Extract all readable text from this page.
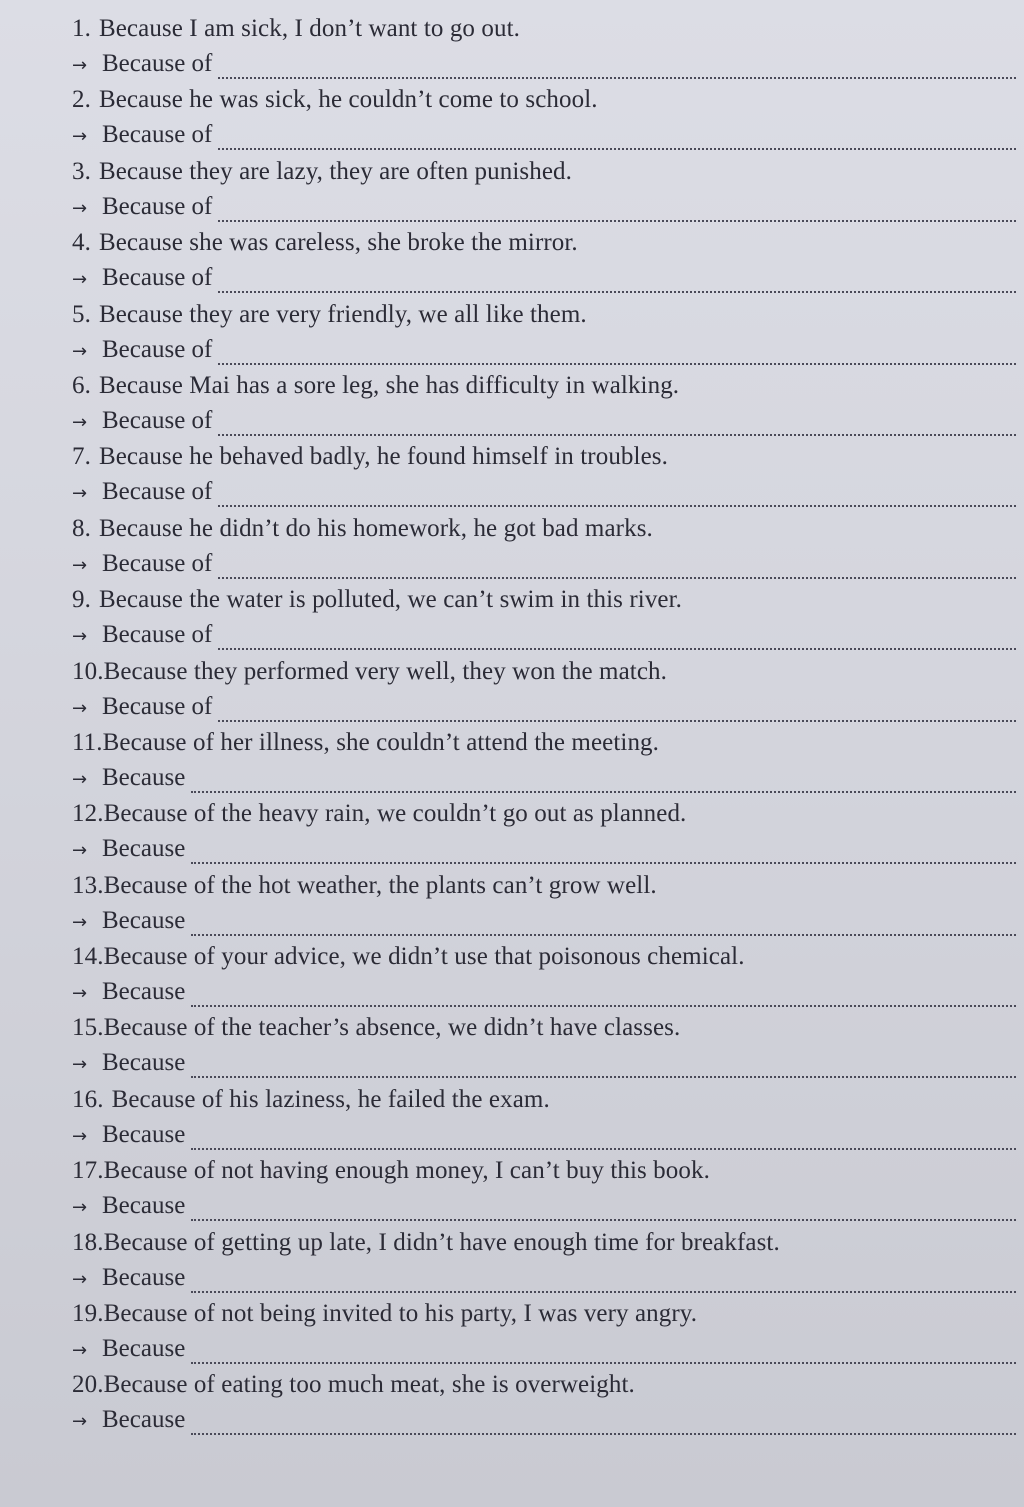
1. Because I am sick, I don’t want to go out.
→ Because of
2. Because he was sick, he couldn’t come to school.
→ Because of
3. Because they are lazy, they are often punished.
→ Because of
4. Because she was careless, she broke the mirror.
→ Because of
5. Because they are very friendly, we all like them.
→ Because of
6. Because Mai has a sore leg, she has difficulty in walking.
→ Because of
7. Because he behaved badly, he found himself in troubles.
→ Because of
8. Because he didn’t do his homework, he got bad marks.
→ Because of
9. Because the water is polluted, we can’t swim in this river.
→ Because of
10.Because they performed very well, they won the match.
→ Because of
11.Because of her illness, she couldn’t attend the meeting.
→ Because
12.Because of the heavy rain, we couldn’t go out as planned.
→ Because
13.Because of the hot weather, the plants can’t grow well.
→ Because
14.Because of your advice, we didn’t use that poisonous chemical.
→ Because
15.Because of the teacher’s absence, we didn’t have classes.
→ Because
16. Because of his laziness, he failed the exam.
→ Because
17.Because of not having enough money, I can’t buy this book.
→ Because
18.Because of getting up late, I didn’t have enough time for breakfast.
→ Because
19.Because of not being invited to his party, I was very angry.
→ Because
20.Because of eating too much meat, she is overweight.
→ Because
